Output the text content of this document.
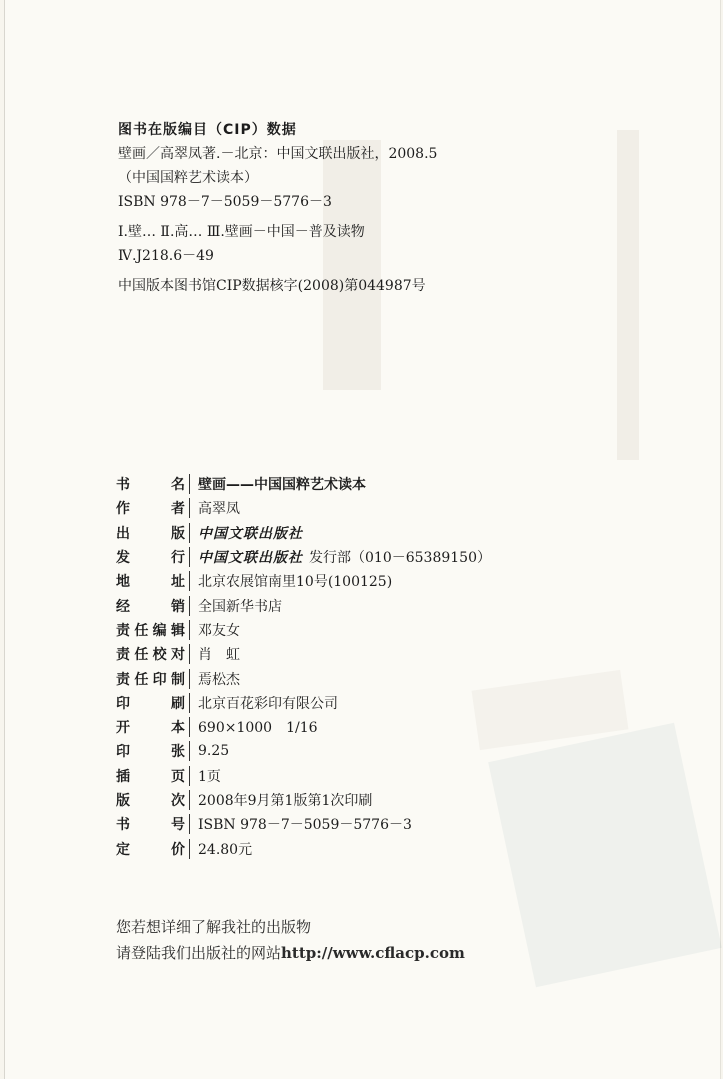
图书在版编目（CIP）数据
壁画／高翠凤著.－北京：中国文联出版社，2008.5
（中国国粹艺术读本）
ISBN 978－7－5059－5776－3
Ⅰ.壁… Ⅱ.高… Ⅲ.壁画－中国－普及读物
Ⅳ.J218.6－49
中国版本图书馆CIP数据核字(2008)第044987号
书	名 壁画——中国国粹艺术读本
作	者 高翠凤
出	版 中国文联出版社
发	行 中国文联出版社 发行部（010－65389150）
地	址 北京农展馆南里10号(100125)
经	销 全国新华书店
责 任 编 辑 邓友女
责 任 校 对 肖　虹
责 任 印 制 焉松杰
印	刷 北京百花彩印有限公司
开	本 690×1000　1/16
印	张 9.25
插	页 1页
版	次 2008年9月第1版第1次印刷
书	号 ISBN 978－7－5059－5776－3
定	价 24.80元
您若想详细了解我社的出版物
请登陆我们出版社的网站http://www.cflacp.com
